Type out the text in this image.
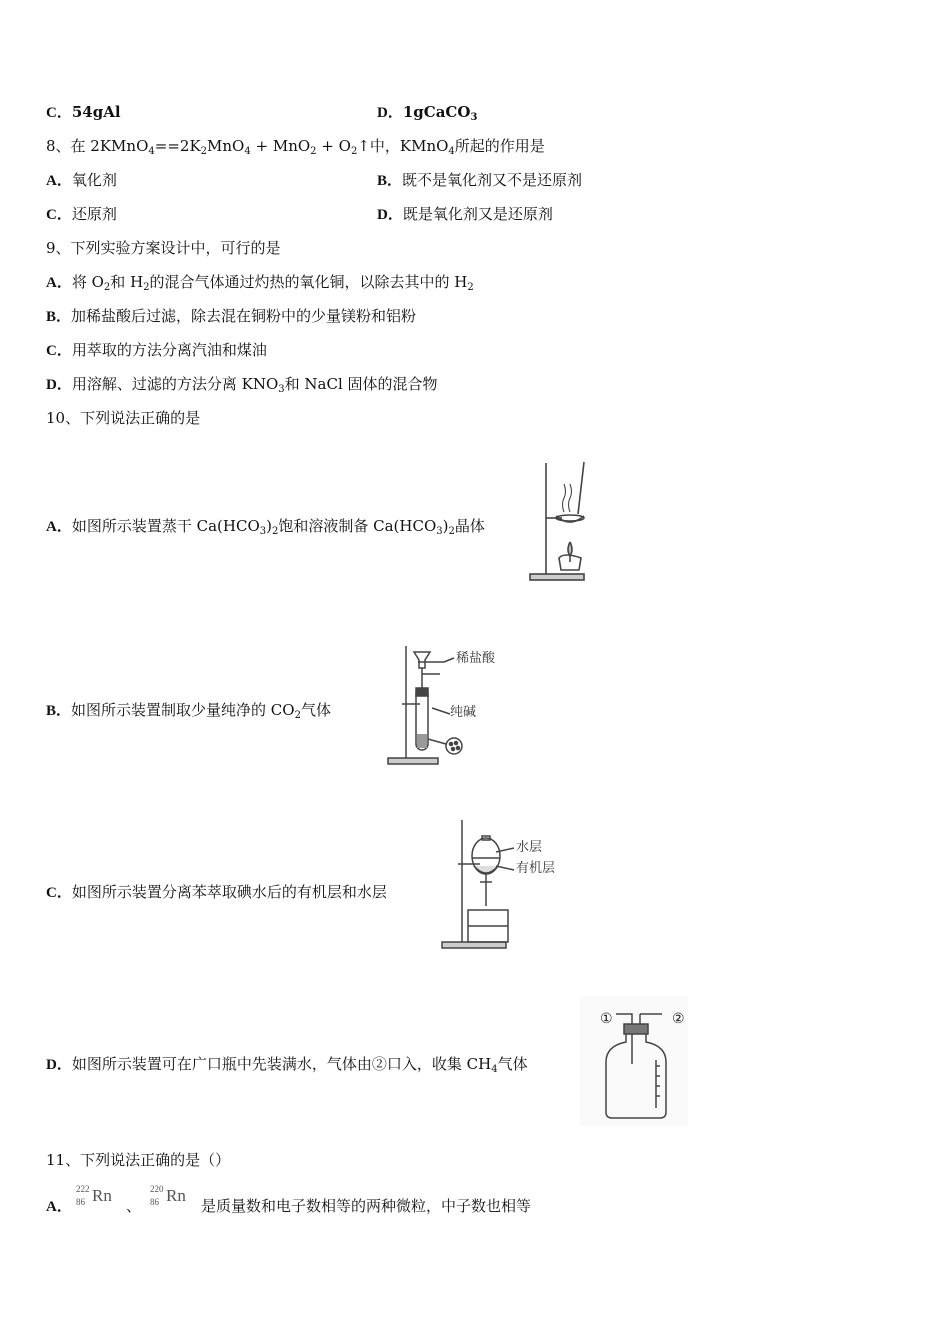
C．54gAl	D．1gCaCO$_3$
8、在 $2KMnO_4==2K_2MnO_4 + MnO_2$ + $O_2↑$中，KMnO$_4$所起的作用是
A．氧化剂	B．既不是氧化剂又不是还原剂
C．还原剂	D．既是氧化剂又是还原剂
9、下列实验方案设计中，可行的是
A．将 $O_2$和 $H_2$的混合气体通过灼热的氧化铜，以除去其中的 $H_2$
B．加稀盐酸后过滤，除去混在铜粉中的少量镁粉和铝粉
C．用萃取的方法分离汽油和煤油
D．用溶解、过滤的方法分离 $KNO_3$和 NaCl 固体的混合物
10、下列说法正确的是
A．如图所示装置蒸干 $Ca(HCO_3)_2$饱和溶液制备 $Ca(HCO_3)_2$晶体
B．如图所示装置制取少量纯净的 $CO_2$气体
稀盐酸
纯碱
C．如图所示装置分离苯萃取碘水后的有机层和水层
水层
有机层
D．如图所示装置可在广口瓶中先装满水，气体由②口入，收集 $CH_4$气体
①	②
11、下列说法正确的是（）
A．
222
86 Rn
、
220
86 Rn
是质量数和电子数相等的两种微粒，中子数也相等
